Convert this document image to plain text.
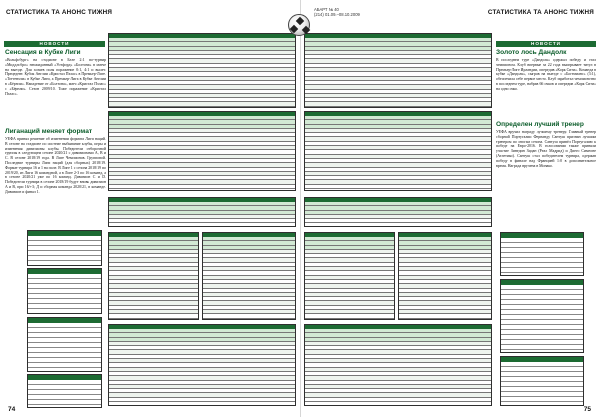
СТАТИСТИКА ТА АНОНС ТИЖНЯ
НОВОСТИ
Сенсация в Кубке Лиги
«Вольфсбург» на стадионе в Беле 2:1 по-турнир «Миддлсбро» неожиданный «Уотфорд» «Болтона» в матче на выезде. Для хозяев поля поражение 0:1, 4:1 и вылет. Прецедент. Кубок Англии «Кристал Пэлас» в Премьер-Лиге. «Тоттенхэм» в Кубке Лиги, а Премьер-Лига в Кубке Англии в «Бёрнли». Нападение от «Болтона», матч «Кристал Пэлас» с «Бёрнли». Сезон 2009/10. Тоже поражение «Кристал Пэлас».
Лиганаций меняет формат
УЕФА принял решение об изменении формата Лиги наций. В сезоне на стадионе по системе выбывание клубы, игры и изменения дивизионы клубы. Победители отборочной группы в следующем сезоне 2020/21 с дивизионами A, B и C. В сезоне 2018/19 года. В Лиге Чемпионов. Групповой. Последние турниры Лиги наций (для сборных) 2018/19. Формат турнира 16 и 1 на поле. В Лиге 1 с сезона 2018/19 по 2019/20, из Лиги 16 командной, а в Лиге 2-3 по 16 команд, а в сезоне 2020/21 уже по 16 команд. Дивизион С и D. Победители турнира в сезоне 2018/19 будут вновь дивизион A и B, при 16/+3; Д и сборная команда 2020/21, в команде. Дивизион и финал 1.
74
АБАРТ № 40
(214) 01.09.–08.10.2009	СТАТИСТИКА ТА АНОНС ТИЖНЯ
НОВОСТИ
Золото лось Дандолк
В последнем туре «Дандолк» одержал победу и стал чемпионом. Клуб впервые за 22 года выигрывает титул в Премьер-Лиге Ирландии, опередив «Корк Сити». Команда в кубке «Дандолк», сыграв на выезде с «Богемианс» (3:1), обеспечила себе первое место. Клуб заработал чемпионство в последнем туре, набрав 66 очков и опередив «Корк Сити» на одно очко.
Определен лучший тренер
УЕФА вручил награду лучшему тренеру. Главный тренер сборной Португалии Фернанду Сантуш признан лучшим тренером по итогам сезона. Сантуш привёл Португалию к победе на Евро-2016. В голосовании также приняли участие Зинедин Зидан (Реал Мадрид) и Диего Симеоне (Атлетико). Сантуш стал победителем турнира, одержав победу в финале над Францией 1:0 в дополнительное время. Награда вручена в Монако.
75
